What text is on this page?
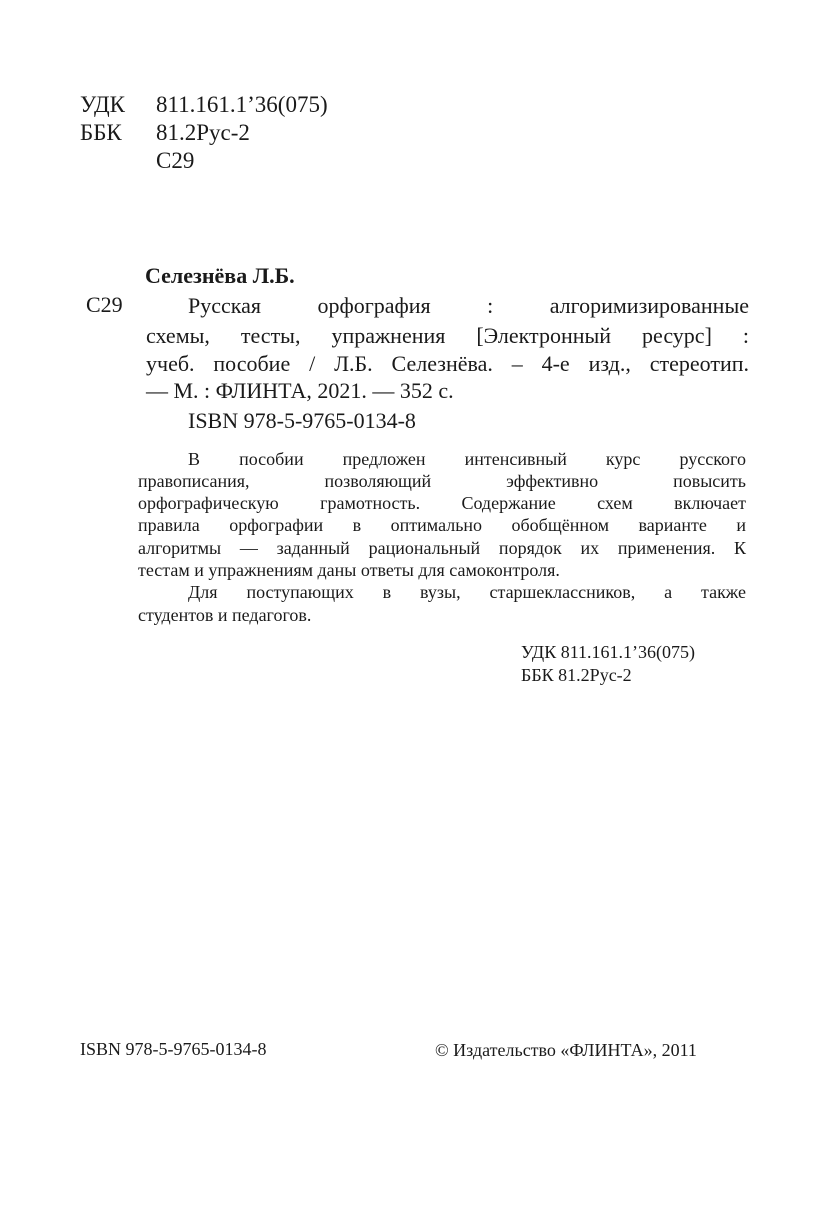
УДК 811.161.1’36(075)
ББК 81.2Рус-2
С29
Селезнёва Л.Б.
С29	Русская орфография : алгоримизированные
схемы, тесты, упражнения [Электронный ресурс] :
учеб. пособие / Л.Б. Селезнёва. – 4-е изд., стереотип.
— М. : ФЛИНТА, 2021. — 352 с.
ISBN 978-5-9765-0134-8
В пособии предложен интенсивный курс русского
правописания, позволяющий эффективно повысить
орфографическую грамотность. Содержание схем включает
правила орфографии в оптимально обобщённом варианте и
алгоритмы — заданный рациональный порядок их применения. К
тестам и упражнениям даны ответы для самоконтроля.
Для поступающих в вузы, старшеклассников, а также
студентов и педагогов.
УДК 811.161.1’36(075)
ББК 81.2Рус-2
ISBN 978-5-9765-0134-8	© Издательство «ФЛИНТА», 2011
